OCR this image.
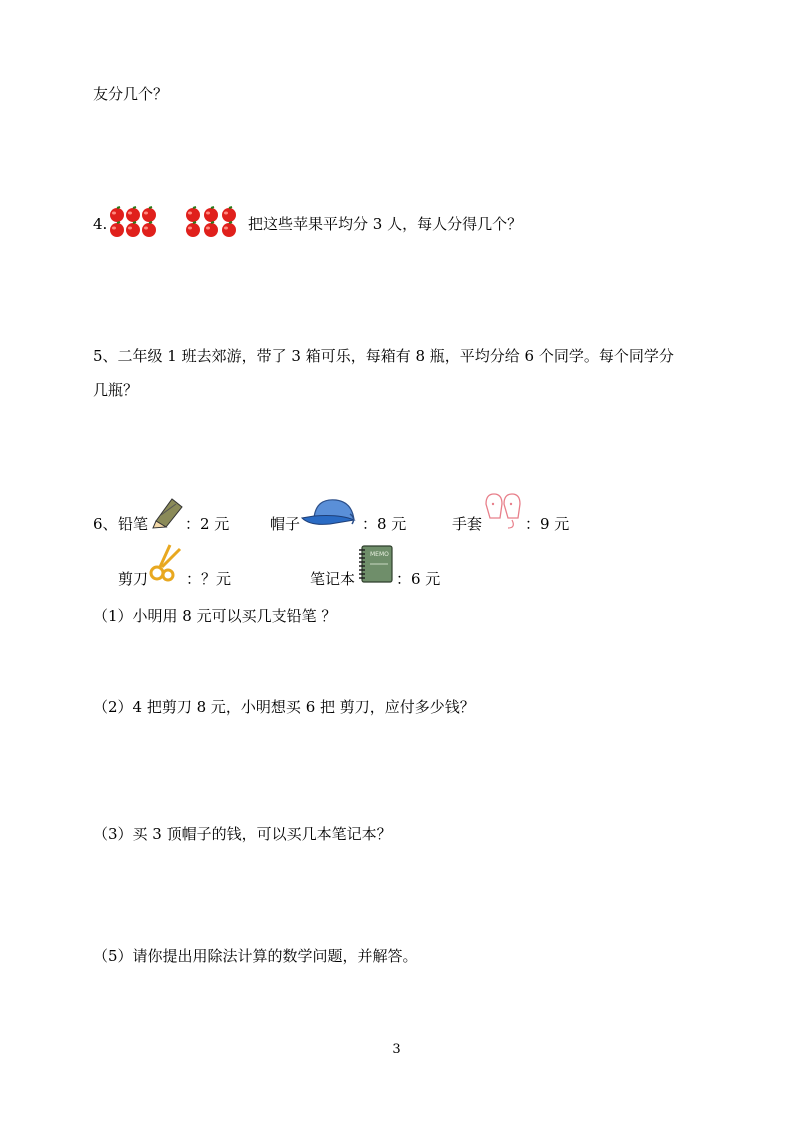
友分几个？
4.	把这些苹果平均分 3 人，每人分得几个？
5、二年级 1 班去郊游，带了 3 箱可乐，每箱有 8 瓶，平均分给 6 个同学。每个同学分
几瓶？
6、 铅笔 ：2 元	帽子	：8 元	手套	：9 元
剪刀	：？元	笔记本
MEMO
：6 元
（1）小明用 8 元可以买几支铅笔 ？
（2）4 把剪刀 8 元，小明想买 6 把 剪刀，应付多少钱？
（3）买 3 顶帽子的钱，可以买几本笔记本？
（5）请你提出用除法计算的数学问题，并解答。
3
